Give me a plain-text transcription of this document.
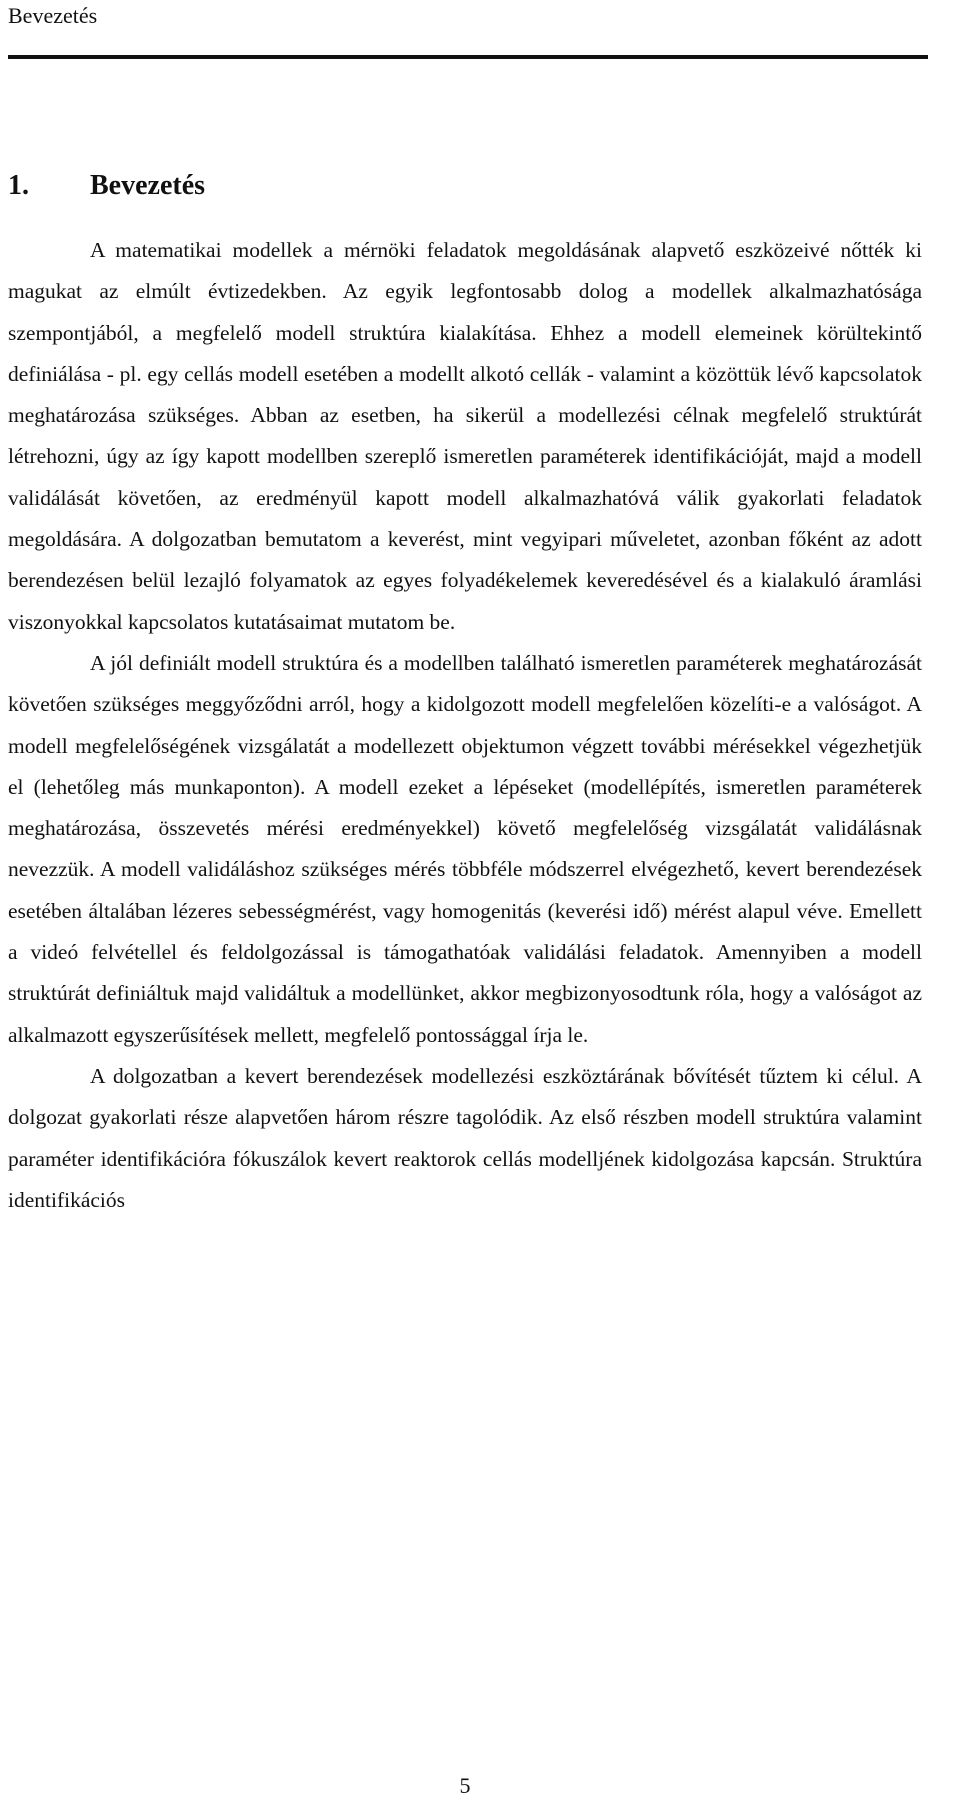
Bevezetés
1. Bevezetés

A matematikai modellek a mérnöki feladatok megoldásának alapvető eszközeivé nőtték ki magukat az elmúlt évtizedekben. Az egyik legfontosabb dolog a modellek alkalmazhatósága szempontjából, a megfelelő modell struktúra kialakítása. Ehhez a modell elemeinek körültekintő definiálása - pl. egy cellás modell esetében a modellt alkotó cellák - valamint a közöttük lévő kapcsolatok meghatározása szükséges. Abban az esetben, ha sikerül a modellezési célnak megfelelő struktúrát létrehozni, úgy az így kapott modellben szereplő ismeretlen paraméterek identifikációját, majd a modell validálását követően, az eredményül kapott modell alkalmazhatóvá válik gyakorlati feladatok megoldására. A dolgozatban bemutatom a keverést, mint vegyipari műveletet, azonban főként az adott berendezésen belül lezajló folyamatok az egyes folyadékelemek keveredésével és a kialakuló áramlási viszonyokkal kapcsolatos kutatásaimat mutatom be.

A jól definiált modell struktúra és a modellben található ismeretlen paraméterek meghatározását követően szükséges meggyőződni arról, hogy a kidolgozott modell megfelelően közelíti-e a valóságot. A modell megfelelőségének vizsgálatát a modellezett objektumon végzett további mérésekkel végezhetjük el (lehetőleg más munkaponton). A modell ezeket a lépéseket (modellépítés, ismeretlen paraméterek meghatározása, összevetés mérési eredményekkel) követő megfelelőség vizsgálatát validálásnak nevezzük. A modell validáláshoz szükséges mérés többféle módszerrel elvégezhető, kevert berendezések esetében általában lézeres sebességmérést, vagy homogenitás (keverési idő) mérést alapul véve. Emellett a videó felvétellel és feldolgozással is támogathatóak validálási feladatok. Amennyiben a modell struktúrát definiáltuk majd validáltuk a modellünket, akkor megbizonyosodtunk róla, hogy a valóságot az alkalmazott egyszerűsítések mellett, megfelelő pontossággal írja le.

A dolgozatban a kevert berendezések modellezési eszköztárának bővítését tűztem ki célul. A dolgozat gyakorlati része alapvetően három részre tagolódik. Az első részben modell struktúra valamint paraméter identifikációra fókuszálok kevert reaktorok cellás modelljének kidolgozása kapcsán. Struktúra identifikációs

5
